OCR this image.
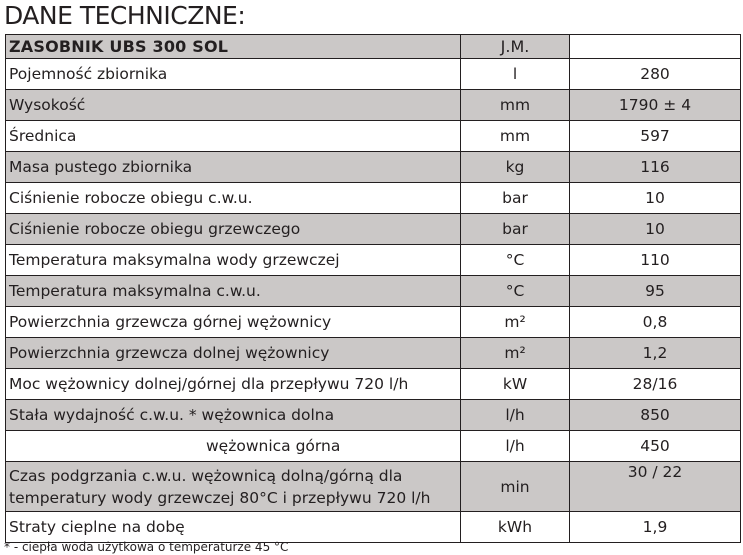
DANE TECHNICZNE:
ZASOBNIK UBS 300 SOL	J.M.	
Pojemność zbiornika	l	280
Wysokość	mm	1790 ± 4
Średnica	mm	597
Masa pustego zbiornika	kg	116
Ciśnienie robocze obiegu c.w.u.	bar	10
Ciśnienie robocze obiegu grzewczego	bar	10
Temperatura maksymalna wody grzewczej	°C	110
Temperatura maksymalna c.w.u.	°C	95
Powierzchnia grzewcza górnej wężownicy	m²	0,8
Powierzchnia grzewcza dolnej wężownicy	m²	1,2
Moc wężownicy dolnej/górnej dla przepływu 720 l/h	kW	28/16
Stała wydajność c.w.u. * wężownica dolna	l/h	850
wężownica górna	l/h	450
Czas podgrzania c.w.u. wężownicą dolną/górną dla temperatury wody grzewczej 80°C i przepływu 720 l/h	min	30 / 22
Straty cieplne na dobę	kWh	1,9
* - ciepła woda użytkowa o temperaturze 45 °C
